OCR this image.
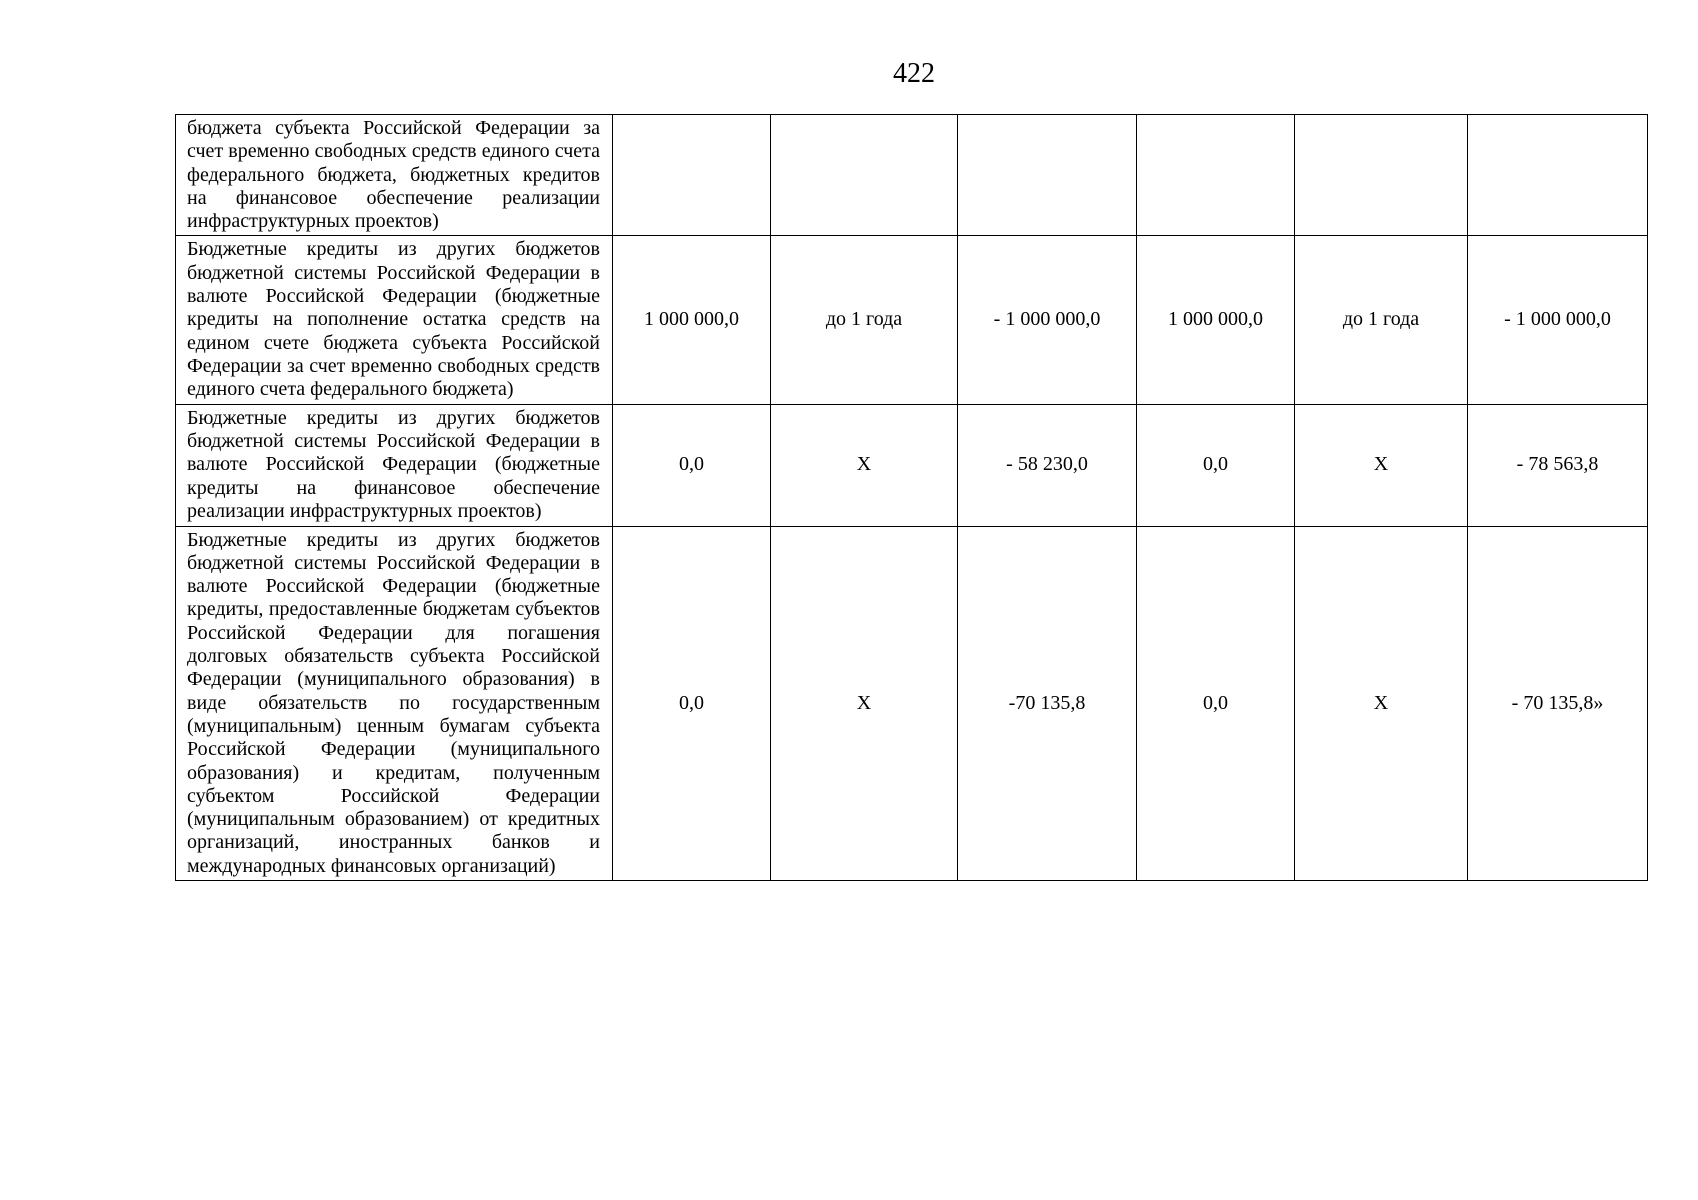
422
бюджета субъекта Российской Федерации за счет временно свободных средств единого счета федерального бюджета, бюджетных кредитов на финансовое обеспечение реализации инфраструктурных проектов)						
Бюджетные кредиты из других бюджетов бюджетной системы Российской Федерации в валюте Российской Федерации (бюджетные кредиты на пополнение остатка средств на едином счете бюджета субъекта Российской Федерации за счет временно свободных средств единого счета федерального бюджета)	1 000 000,0	до 1 года	- 1 000 000,0	1 000 000,0	до 1 года	- 1 000 000,0
Бюджетные кредиты из других бюджетов бюджетной системы Российской Федерации в валюте Российской Федерации (бюджетные кредиты на финансовое обеспечение реализации инфраструктурных проектов)	0,0	X	- 58 230,0	0,0	X	- 78 563,8
Бюджетные кредиты из других бюджетов бюджетной системы Российской Федерации в валюте Российской Федерации (бюджетные кредиты, предоставленные бюджетам субъектов Российской Федерации для погашения долговых обязательств субъекта Российской Федерации (муниципального образования) в виде обязательств по государственным (муниципальным) ценным бумагам субъекта Российской Федерации (муниципального образования) и кредитам, полученным субъектом Российской Федерации (муниципальным образованием) от кредитных организаций, иностранных банков и международных финансовых организаций)	0,0	X	-70 135,8	0,0	X	- 70 135,8»
